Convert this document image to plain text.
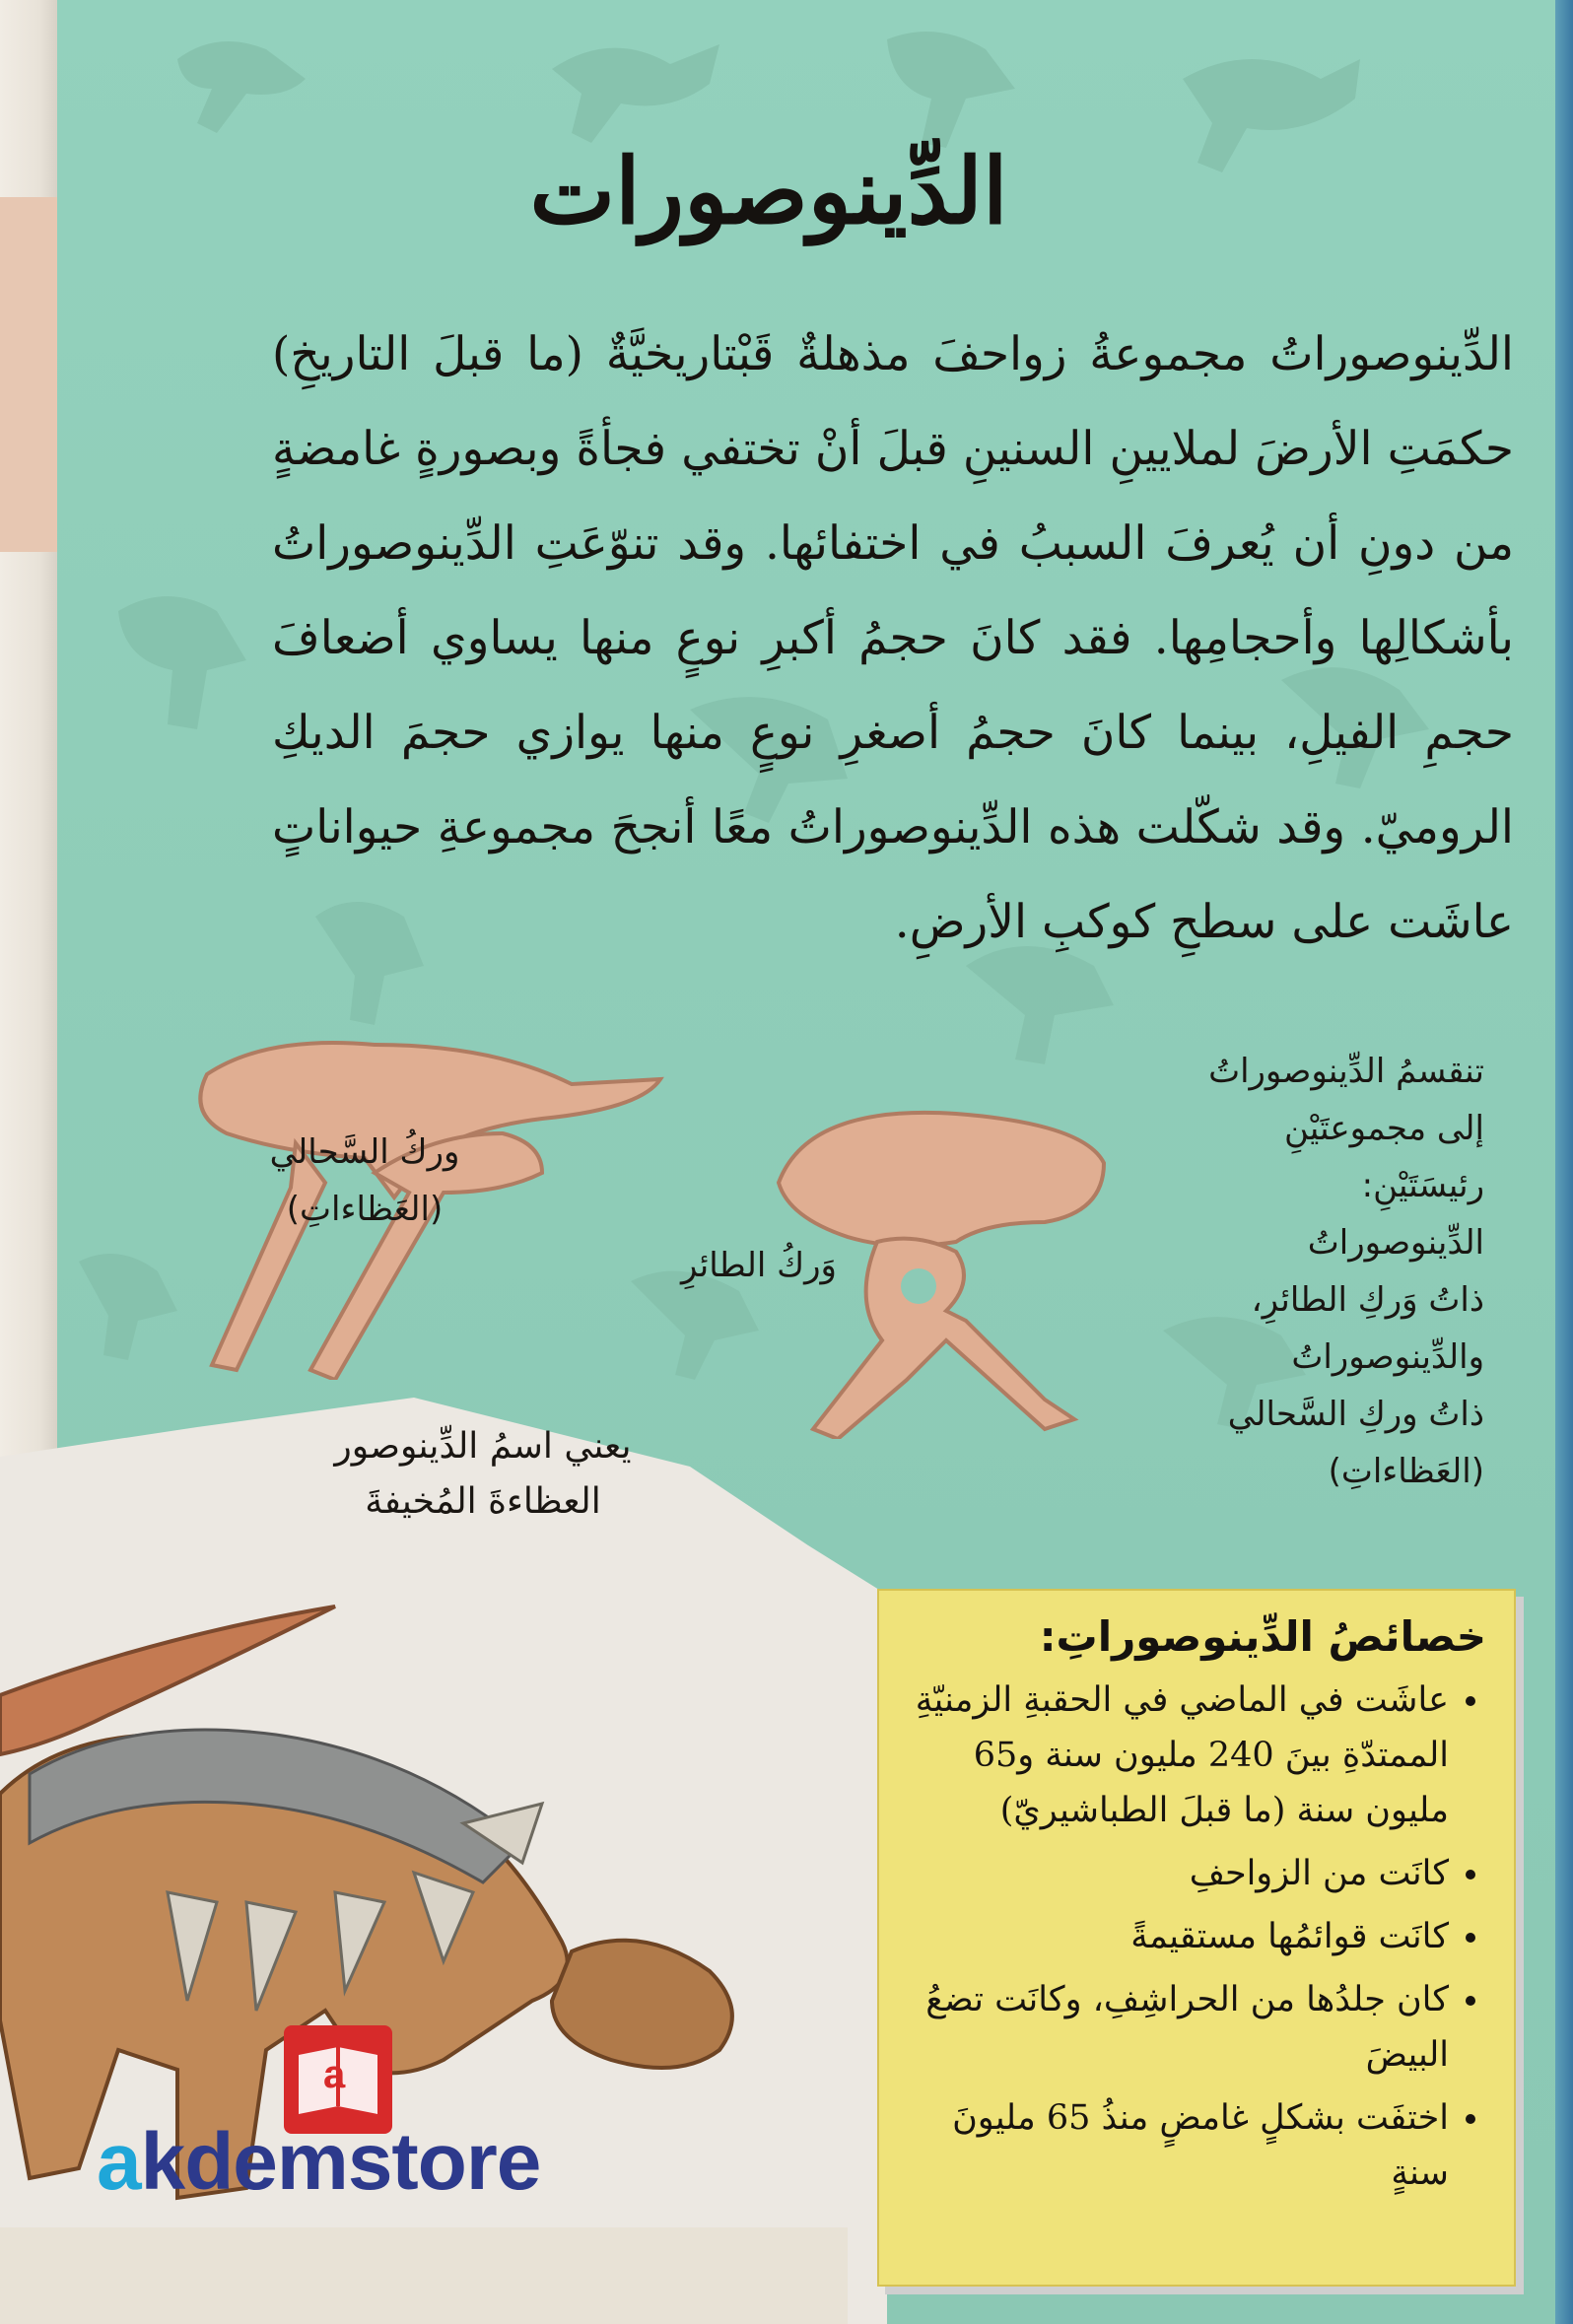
الدِّينوصورات

الدِّينوصوراتُ مجموعةُ زواحفَ مذهلةٌ قَبْتاريخيَّةٌ (ما قبلَ التاريخِ) حكمَتِ الأرضَ لملايينِ السنينِ قبلَ أنْ تختفي فجأةً وبصورةٍ غامضةٍ من دونِ أن يُعرفَ السببُ في اختفائها. وقد تنوّعَتِ الدِّينوصوراتُ بأشكالِها وأحجامِها. فقد كانَ حجمُ أكبرِ نوعٍ منها يساوي أضعافَ حجمِ الفيلِ، بينما كانَ حجمُ أصغرِ نوعٍ منها يوازي حجمَ الديكِ الروميّ. وقد شكّلت هذه الدِّينوصوراتُ معًا أنجحَ مجموعةِ حيواناتٍ عاشَت على سطحِ كوكبِ الأرضِ.

تنقسمُ الدِّينوصوراتُ
إلى مجموعتَيْنِ
رئيسَتَيْنِ: الدِّينوصوراتُ
ذاتُ وَركِ الطائرِ،
والدِّينوصوراتُ
ذاتُ وركِ السَّحالي
(العَظاءاتِ)
وركُ السَّحالي
(العَظاءاتِ)
وَركُ الطائرِ
يعني اسمُ الدِّينوصور
العظاءةَ المُخيفةَ
خصائصُ الدِّينوصوراتِ:
• عاشَت في الماضي في الحقبةِ الزمنيّةِ الممتدّةِ بينَ 240 مليون سنة و65 مليون سنة (ما قبلَ الطباشيريّ)
• كانَت من الزواحفِ
• كانَت قوائمُها مستقيمةً
• كان جلدُها من الحراشِفِ، وكانَت تضعُ البيضَ
• اختفَت بشكلٍ غامضٍ منذُ 65 مليونَ سنةٍ
a
akdemstore
